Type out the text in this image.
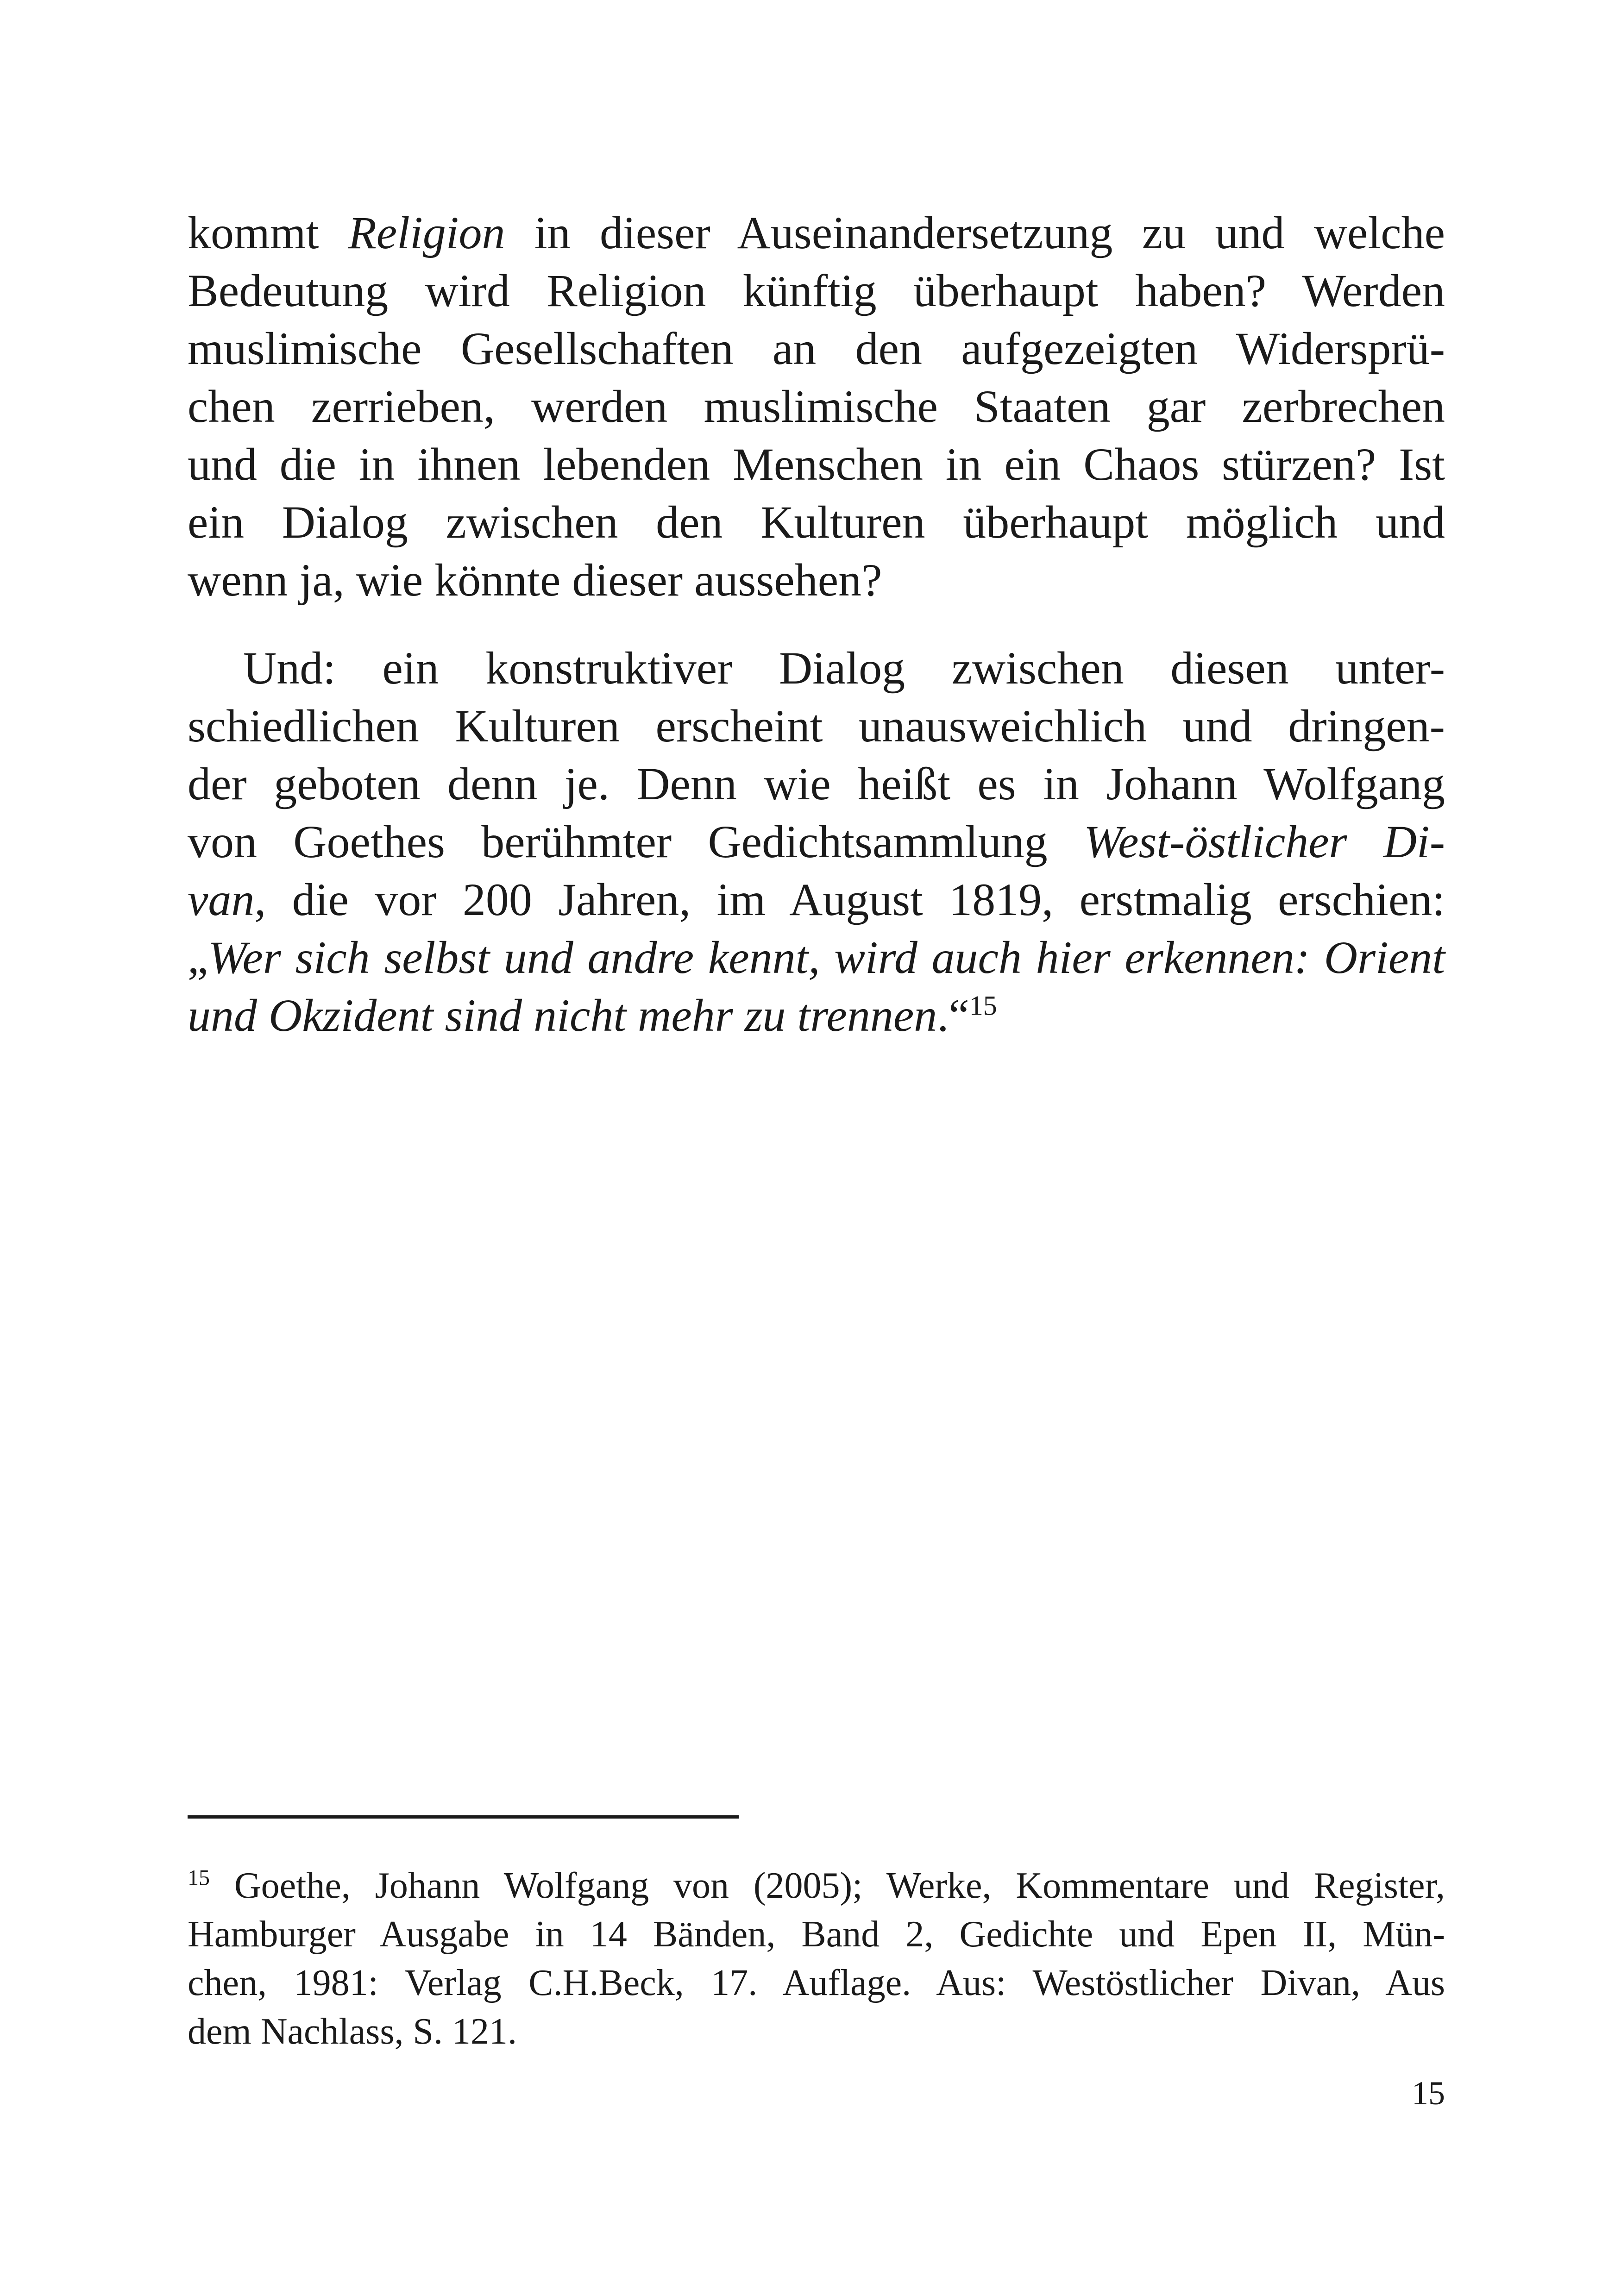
kommt Religion in dieser Auseinandersetzung zu und welche
Bedeutung wird Religion künftig überhaupt haben? Werden
muslimische Gesellschaften an den aufgezeigten Widersprü-
chen zerrieben, werden muslimische Staaten gar zerbrechen
und die in ihnen lebenden Menschen in ein Chaos stürzen? Ist
ein Dialog zwischen den Kulturen überhaupt möglich und
wenn ja, wie könnte dieser aussehen?
Und: ein konstruktiver Dialog zwischen diesen unter-
schiedlichen Kulturen erscheint unausweichlich und dringen-
der geboten denn je. Denn wie heißt es in Johann Wolfgang
von Goethes berühmter Gedichtsammlung West-östlicher Di-
van, die vor 200 Jahren, im August 1819, erstmalig erschien:
„Wer sich selbst und andre kennt, wird auch hier erkennen: Orient
und Okzident sind nicht mehr zu trennen.“$^{15}$
$^{15}$ Goethe, Johann Wolfgang von (2005); Werke, Kommentare und Register,
Hamburger Ausgabe in 14 Bänden, Band 2, Gedichte und Epen II, Mün-
chen, 1981: Verlag C.H.Beck, 17. Auflage. Aus: Westöstlicher Divan, Aus
dem Nachlass, S. 121.
15
